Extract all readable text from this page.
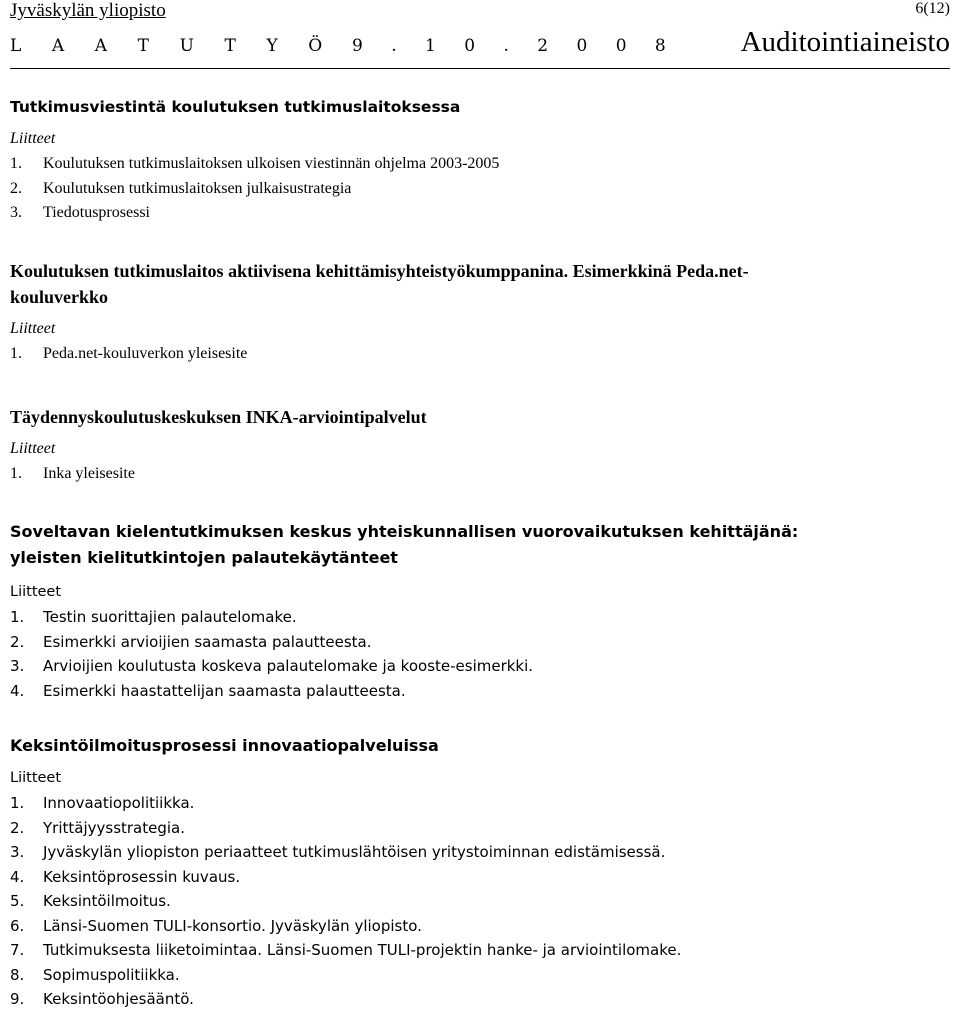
Jyväskylän yliopisto	6(12)
L A A T U T Y Ö 9 . 1 0 . 2 0 0 8 Auditointiaineisto
Tutkimusviestintä koulutuksen tutkimuslaitoksessa
Liitteet
1.	Koulutuksen tutkimuslaitoksen ulkoisen viestinnän ohjelma 2003-2005
2.	Koulutuksen tutkimuslaitoksen julkaisustrategia
3.	Tiedotusprosessi
Koulutuksen tutkimuslaitos aktiivisena kehittämisyhteistyökumppanina. Esimerkkinä Peda.net-kouluverkko
Liitteet
1.	Peda.net-kouluverkon yleisesite
Täydennyskoulutuskeskuksen INKA-arviointipalvelut
Liitteet
1.	Inka yleisesite
Soveltavan kielentutkimuksen keskus yhteiskunnallisen vuorovaikutuksen kehittäjänä: yleisten kielitutkintojen palautekäytänteet
Liitteet
1.	Testin suorittajien palautelomake.
2.	Esimerkki arvioijien saamasta palautteesta.
3.	Arvioijien koulutusta koskeva palautelomake ja kooste-esimerkki.
4.	Esimerkki haastattelijan saamasta palautteesta.
Keksintöilmoitusprosessi innovaatiopalveluissa
Liitteet
1.	Innovaatiopolitiikka.
2.	Yrittäjyysstrategia.
3.	Jyväskylän yliopiston periaatteet tutkimuslähtöisen yritystoiminnan edistämisessä.
4.	Keksintöprosessin kuvaus.
5.	Keksintöilmoitus.
6.	Länsi-Suomen TULI-konsortio. Jyväskylän yliopisto.
7.	Tutkimuksesta liiketoimintaa. Länsi-Suomen TULI-projektin hanke- ja arviointilomake.
8.	Sopimuspolitiikka.
9.	Keksintöohjesääntö.
